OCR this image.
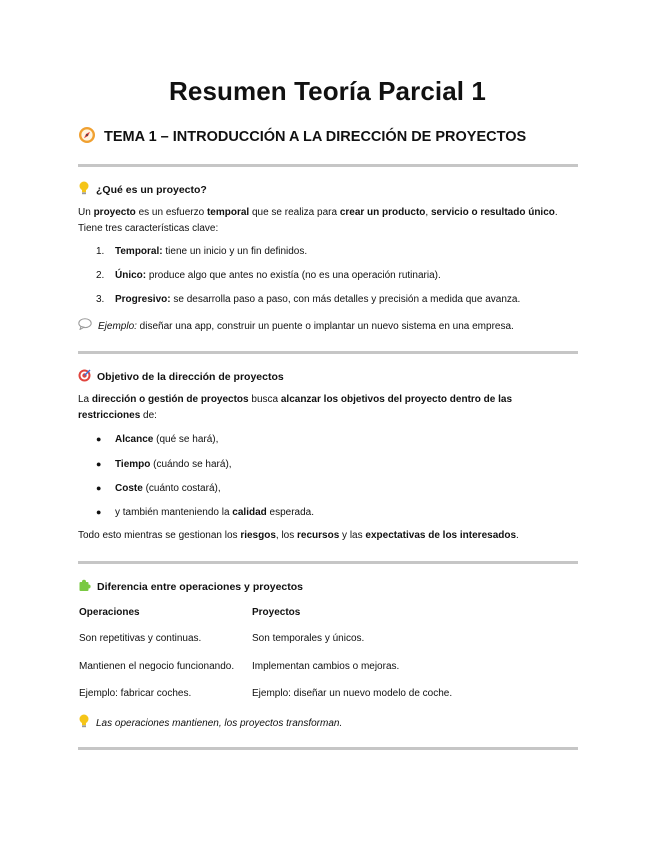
Resumen Teoría Parcial 1
TEMA 1 – INTRODUCCIÓN A LA DIRECCIÓN DE PROYECTOS
¿Qué es un proyecto?
Un proyecto es un esfuerzo temporal que se realiza para crear un producto, servicio o resultado único.
Tiene tres características clave:
1. Temporal: tiene un inicio y un fin definidos.
2. Único: produce algo que antes no existía (no es una operación rutinaria).
3. Progresivo: se desarrolla paso a paso, con más detalles y precisión a medida que avanza.
Ejemplo: diseñar una app, construir un puente o implantar un nuevo sistema en una empresa.
Objetivo de la dirección de proyectos
La dirección o gestión de proyectos busca alcanzar los objetivos del proyecto dentro de las
restricciones de:
● Alcance (qué se hará),
● Tiempo (cuándo se hará),
● Coste (cuánto costará),
● y también manteniendo la calidad esperada.
Todo esto mientras se gestionan los riesgos, los recursos y las expectativas de los interesados.
Diferencia entre operaciones y proyectos
Operaciones	Proyectos
Son repetitivas y continuas.	Son temporales y únicos.
Mantienen el negocio funcionando. Implementan cambios o mejoras.
Ejemplo: fabricar coches.	Ejemplo: diseñar un nuevo modelo de coche.
Las operaciones mantienen, los proyectos transforman.
